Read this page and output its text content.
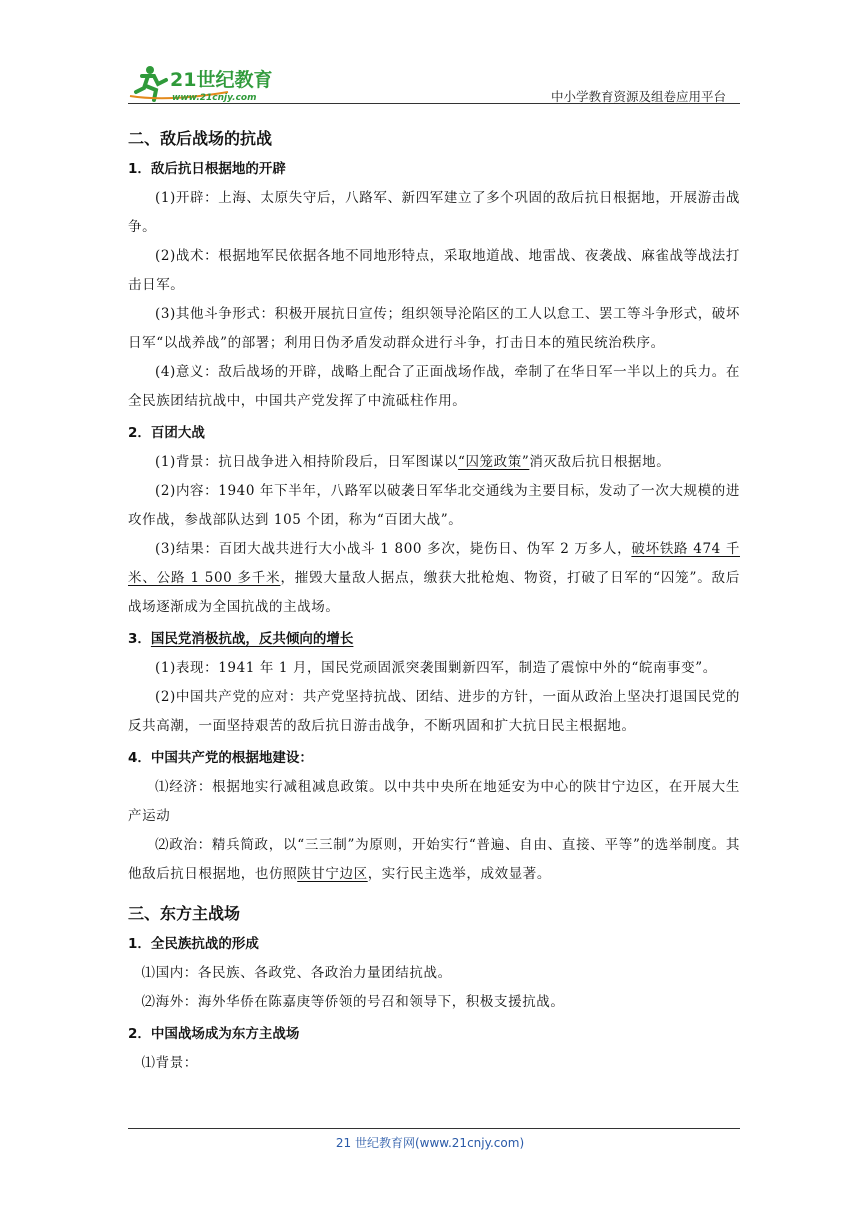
21世纪教育
www.21cnjy.com	中小学教育资源及组卷应用平台
二、敌后战场的抗战
1．敌后抗日根据地的开辟

(1)开辟：上海、太原失守后，八路军、新四军建立了多个巩固的敌后抗日根据地，开展游击战争。

(2)战术：根据地军民依据各地不同地形特点，采取地道战、地雷战、夜袭战、麻雀战等战法打击日军。

(3)其他斗争形式：积极开展抗日宣传；组织领导沦陷区的工人以怠工、罢工等斗争形式，破坏日军“以战养战”的部署；利用日伪矛盾发动群众进行斗争，打击日本的殖民统治秩序。

(4)意义：敌后战场的开辟，战略上配合了正面战场作战，牵制了在华日军一半以上的兵力。在全民族团结抗战中，中国共产党发挥了中流砥柱作用。

2．百团大战

(1)背景：抗日战争进入相持阶段后，日军图谋以“囚笼政策”消灭敌后抗日根据地。

(2)内容：1940 年下半年，八路军以破袭日军华北交通线为主要目标，发动了一次大规模的进攻作战，参战部队达到 105 个团，称为“百团大战”。

(3)结果：百团大战共进行大小战斗 1 800 多次，毙伤日、伪军 2 万多人，破坏铁路 474 千米、公路 1 500 多千米，摧毁大量敌人据点，缴获大批枪炮、物资，打破了日军的“囚笼”。敌后战场逐渐成为全国抗战的主战场。

3．国民党消极抗战，反共倾向的增长

(1)表现：1941 年 1 月，国民党顽固派突袭围剿新四军，制造了震惊中外的“皖南事变”。

(2)中国共产党的应对：共产党坚持抗战、团结、进步的方针，一面从政治上坚决打退国民党的反共高潮，一面坚持艰苦的敌后抗日游击战争，不断巩固和扩大抗日民主根据地。

4．中国共产党的根据地建设：

⑴经济：根据地实行减租减息政策。以中共中央所在地延安为中心的陕甘宁边区，在开展大生产运动

⑵政治：精兵简政，以“三三制”为原则，开始实行“普遍、自由、直接、平等”的选举制度。其他敌后抗日根据地，也仿照陕甘宁边区，实行民主选举，成效显著。

三、东方主战场
1．全民族抗战的形成

⑴国内：各民族、各政党、各政治力量团结抗战。

⑵海外：海外华侨在陈嘉庚等侨领的号召和领导下，积极支援抗战。

2．中国战场成为东方主战场

⑴背景：

21 世纪教育网(www.21cnjy.com)
